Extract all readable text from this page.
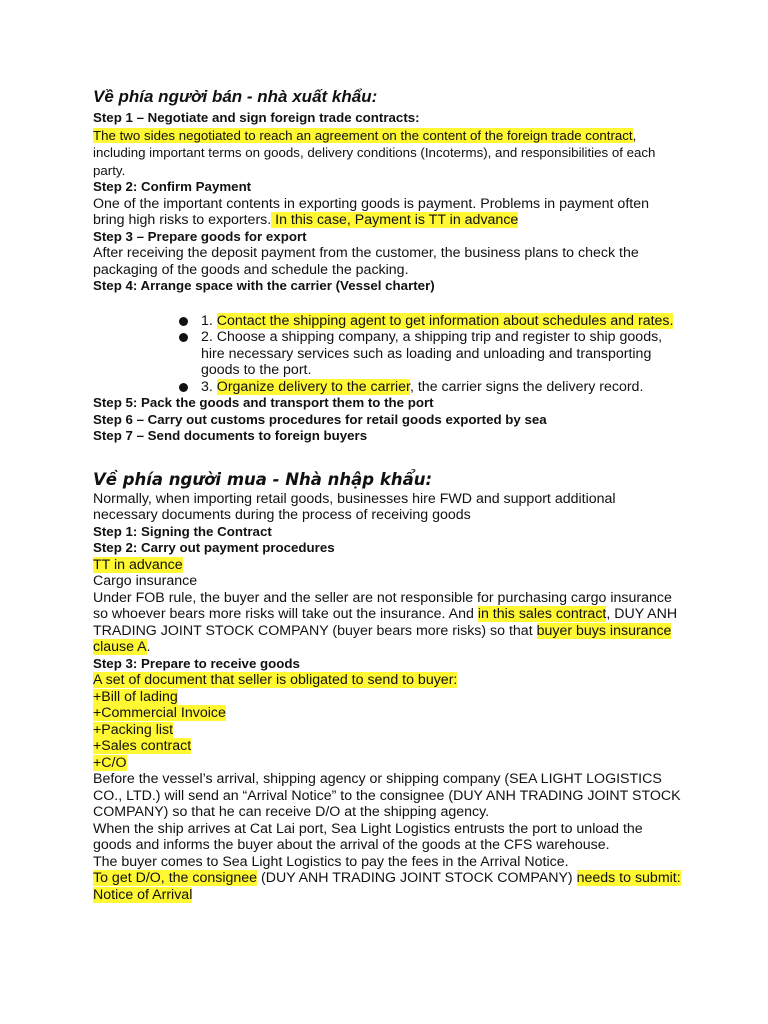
Về phía người bán - nhà xuất khẩu:

Step 1 – Negotiate and sign foreign trade contracts:

The two sides negotiated to reach an agreement on the content of the foreign trade contract, including important terms on goods, delivery conditions (Incoterms), and responsibilities of each party.

Step 2: Confirm Payment

One of the important contents in exporting goods is payment. Problems in payment often bring high risks to exporters. In this case, Payment is TT in advance

Step 3 – Prepare goods for export

After receiving the deposit payment from the customer, the business plans to check the packaging of the goods and schedule the packing.

Step 4: Arrange space with the carrier (Vessel charter)

1. Contact the shipping agent to get information about schedules and rates.
2. Choose a shipping company, a shipping trip and register to ship goods, hire necessary services such as loading and unloading and transporting goods to the port.
3. Organize delivery to the carrier, the carrier signs the delivery record.

Step 5: Pack the goods and transport them to the port

Step 6 – Carry out customs procedures for retail goods exported by sea

Step 7 – Send documents to foreign buyers

Về phía người mua - Nhà nhập khẩu:

Normally, when importing retail goods, businesses hire FWD and support additional necessary documents during the process of receiving goods

Step 1: Signing the Contract

Step 2: Carry out payment procedures

TT in advance

Cargo insurance

Under FOB rule, the buyer and the seller are not responsible for purchasing cargo insurance so whoever bears more risks will take out the insurance. And in this sales contract, DUY ANH TRADING JOINT STOCK COMPANY (buyer bears more risks) so that buyer buys insurance clause A.

Step 3: Prepare to receive goods

A set of document that seller is obligated to send to buyer:

+Bill of lading

+Commercial Invoice

+Packing list

+Sales contract

+C/O

Before the vessel’s arrival, shipping agency or shipping company (SEA LIGHT LOGISTICS CO., LTD.) will send an “Arrival Notice” to the consignee (DUY ANH TRADING JOINT STOCK COMPANY) so that he can receive D/O at the shipping agency.

When the ship arrives at Cat Lai port, Sea Light Logistics entrusts the port to unload the goods and informs the buyer about the arrival of the goods at the CFS warehouse.

The buyer comes to Sea Light Logistics to pay the fees in the Arrival Notice.

To get D/O, the consignee (DUY ANH TRADING JOINT STOCK COMPANY) needs to submit:

Notice of Arrival
